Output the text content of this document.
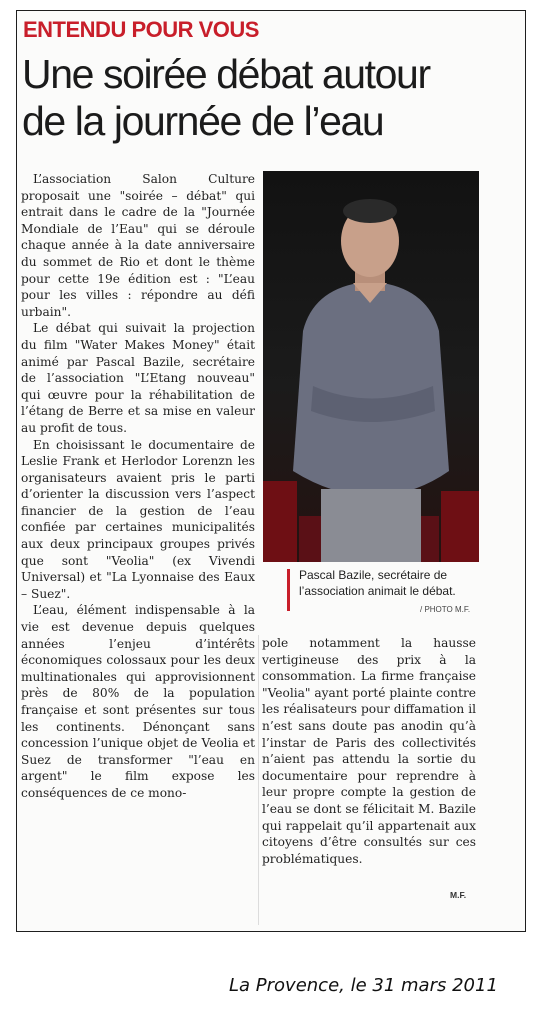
ENTENDU POUR VOUS
Une soirée débat autour
de la journée de l’eau

L’association Salon Culture proposait une "soirée – débat" qui entrait dans le cadre de la "Journée Mondiale de l’Eau" qui se déroule chaque année à la date anniversaire du sommet de Rio et dont le thème pour cette 19e édition est : "L’eau pour les villes : répondre au défi urbain".

Le débat qui suivait la projection du film "Water Makes Money" était animé par Pascal Bazile, secrétaire de l’association "L’Etang nouveau" qui œuvre pour la réhabilitation de l’étang de Berre et sa mise en valeur au profit de tous.

En choisissant le documentaire de Leslie Frank et Herlodor Lorenzn les organisateurs avaient pris le parti d’orienter la discussion vers l’aspect financier de la gestion de l’eau confiée par certaines municipalités aux deux principaux groupes privés que sont "Veolia" (ex Vivendi Universal) et "La Lyonnaise des Eaux – Suez".

L’eau, élément indispensable à la vie est devenue depuis quelques années l’enjeu d’intérêts économiques colossaux pour les deux multinationales qui approvisionnent près de 80% de la population française et sont présentes sur tous les continents. Dénonçant sans concession l’unique objet de Veolia et Suez de transformer "l’eau en argent" le film expose les conséquences de ce mono-

Pascal Bazile, secrétaire de l’association animait le débat.
/ PHOTO M.F.

pole notamment la hausse vertigineuse des prix à la consommation. La firme française "Veolia" ayant porté plainte contre les réalisateurs pour diffamation il n’est sans doute pas anodin qu’à l’instar de Paris des collectivités n’aient pas attendu la sortie du documentaire pour reprendre à leur propre compte la gestion de l’eau se dont se félicitait M. Bazile qui rappelait qu’il appartenait aux citoyens d’être consultés sur ces problématiques.

M.F.
La Provence, le 31 mars 2011
